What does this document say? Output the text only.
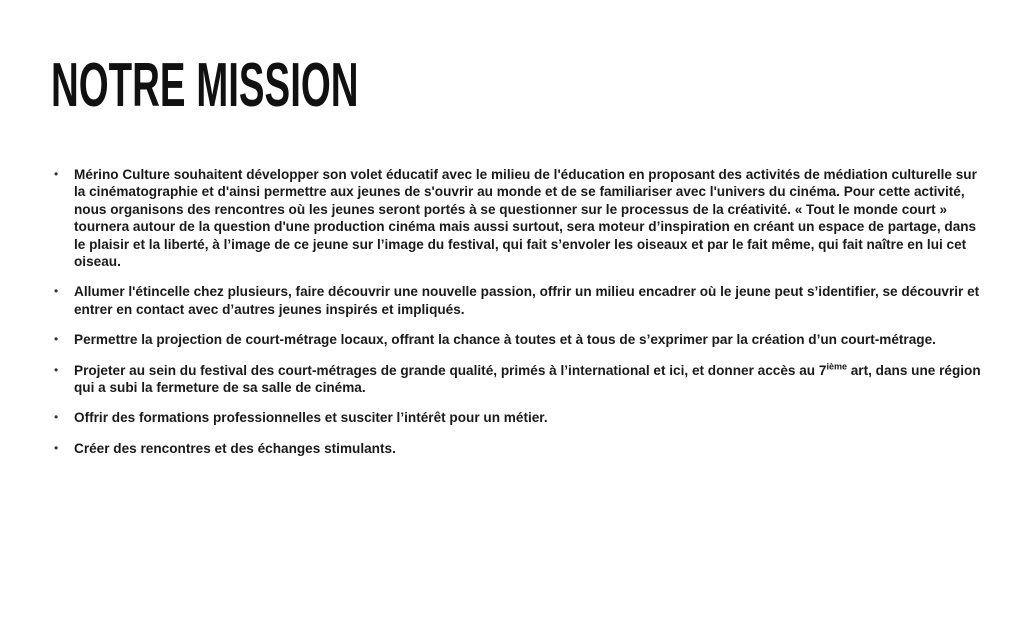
NOTRE MISSION
•	Mérino Culture souhaitent développer son volet éducatif avec le milieu de l'éducation en proposant des activités de médiation culturelle sur la cinématographie et d'ainsi permettre aux jeunes de s'ouvrir au monde et de se familiariser avec l'univers du cinéma. Pour cette activité, nous organisons des rencontres où les jeunes seront portés à se questionner sur le processus de la créativité. « Tout le monde court » tournera autour de la question d'une production cinéma mais aussi surtout, sera moteur d’inspiration en créant un espace de partage, dans le plaisir et la liberté, à l’image de ce jeune sur l’image du festival, qui fait s’envoler les oiseaux et par le fait même, qui fait naître en lui cet oiseau.
•	Allumer l'étincelle chez plusieurs, faire découvrir une nouvelle passion, offrir un milieu encadrer où le jeune peut s’identifier, se découvrir et entrer en contact avec d’autres jeunes inspirés et impliqués.
•	Permettre la projection de court-métrage locaux, offrant la chance à toutes et à tous de s’exprimer par la création d’un court-métrage.
•	Projeter au sein du festival des court-métrages de grande qualité, primés à l’international et ici, et donner accès au 7ième art, dans une région qui a subi la fermeture de sa salle de cinéma.
•	Offrir des formations professionnelles et susciter l’intérêt pour un métier.
•	Créer des rencontres et des échanges stimulants.
